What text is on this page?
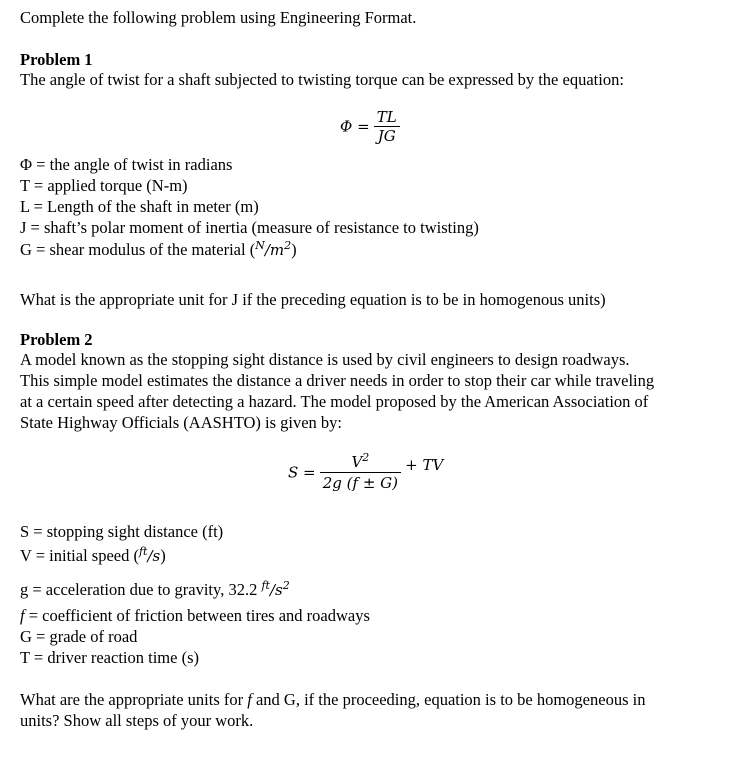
Complete the following problem using Engineering Format.
Problem 1
The angle of twist for a shaft subjected to twisting torque can be expressed by the equation:
$\Phi = \frac{TL}{JG}$
Φ = the angle of twist in radians
T = applied torque (N-m)
L = Length of the shaft in meter (m)
J = shaft’s polar moment of inertia (measure of resistance to twisting)
G = shear modulus of the material $(^N/m^2)$
What is the appropriate unit for J if the preceding equation is to be in homogenous units)
Problem 2
A model known as the stopping sight distance is used by civil engineers to design roadways.
This simple model estimates the distance a driver needs in order to stop their car while traveling
at a certain speed after detecting a hazard. The model proposed by the American Association of
State Highway Officials (AASHTO) is given by:
$S = \frac{V^2}{2g (f \pm G)}$ + TV
S = stopping sight distance (ft)
V = initial speed ($^{ft}$/s)
g = acceleration due to gravity, 32.2 $^{ft}/s^2$
f = coefficient of friction between tires and roadways
G = grade of road
T = driver reaction time (s)
What are the appropriate units for f and G, if the proceeding, equation is to be homogeneous in
units? Show all steps of your work.
